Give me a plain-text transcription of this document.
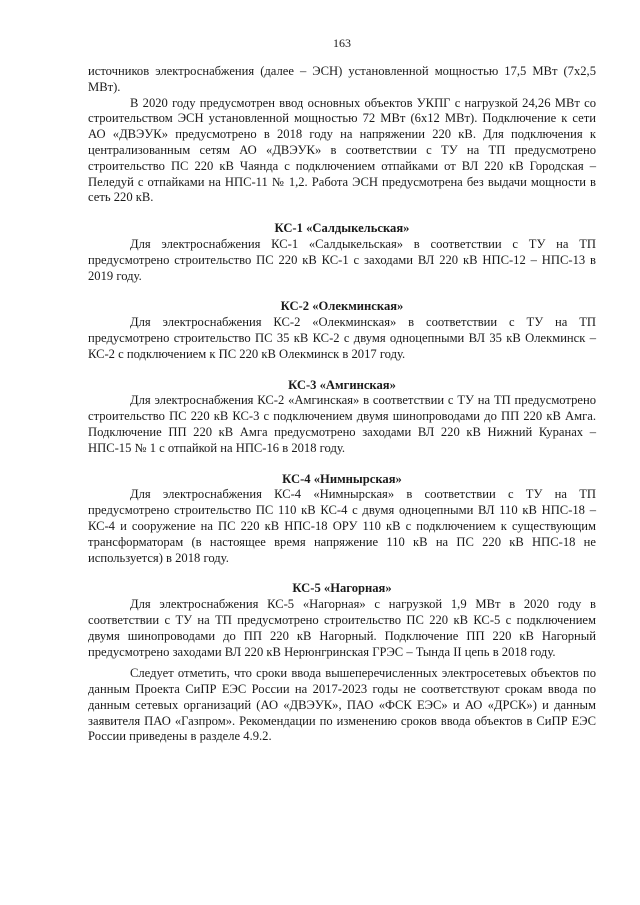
163

источников электроснабжения (далее – ЭСН) установленной мощностью 17,5 МВт (7х2,5 МВт).

В 2020 году предусмотрен ввод основных объектов УКПГ с нагрузкой 24,26 МВт со строительством ЭСН установленной мощностью 72 МВт (6х12 МВт). Подключение к сети АО «ДВЭУК» предусмотрено в 2018 году на напряжении 220 кВ. Для подключения к централизованным сетям АО «ДВЭУК» в соответствии с ТУ на ТП предусмотрено строительство ПС 220 кВ Чаянда с подключением отпайками от ВЛ 220 кВ Городская – Пеледуй с отпайками на НПС-11 № 1,2. Работа ЭСН предусмотрена без выдачи мощности в сеть 220 кВ.

КС-1 «Салдыкельская»

Для электроснабжения КС-1 «Салдыкельская» в соответствии с ТУ на ТП предусмотрено строительство ПС 220 кВ КС-1 с заходами ВЛ 220 кВ НПС-12 – НПС-13 в 2019 году.

КС-2 «Олекминская»

Для электроснабжения КС-2 «Олекминская» в соответствии с ТУ на ТП предусмотрено строительство ПС 35 кВ КС-2 с двумя одноцепными ВЛ 35 кВ Олекминск – КС-2 с подключением к ПС 220 кВ Олекминск в 2017 году.

КС-3 «Амгинская»

Для электроснабжения КС-2 «Амгинская» в соответствии с ТУ на ТП предусмотрено строительство ПС 220 кВ КС-3 с подключением двумя шинопроводами до ПП 220 кВ Амга. Подключение ПП 220 кВ Амга предусмотрено заходами ВЛ 220 кВ Нижний Куранах – НПС-15 № 1 с отпайкой на НПС-16 в 2018 году.

КС-4 «Нимнырская»

Для электроснабжения КС-4 «Нимнырская» в соответствии с ТУ на ТП предусмотрено строительство ПС 110 кВ КС-4 с двумя одноцепными ВЛ 110 кВ НПС-18 – КС-4 и сооружение на ПС 220 кВ НПС-18 ОРУ 110 кВ с подключением к существующим трансформаторам (в настоящее время напряжение 110 кВ на ПС 220 кВ НПС-18 не используется) в 2018 году.

КС-5 «Нагорная»

Для электроснабжения КС-5 «Нагорная» с нагрузкой 1,9 МВт в 2020 году в соответствии с ТУ на ТП предусмотрено строительство ПС 220 кВ КС-5 с подключением двумя шинопроводами до ПП 220 кВ Нагорный. Подключение ПП 220 кВ Нагорный предусмотрено заходами ВЛ 220 кВ Нерюнгринская ГРЭС – Тында II цепь в 2018 году.

Следует отметить, что сроки ввода вышеперечисленных электросетевых объектов по данным Проекта СиПР ЕЭС России на 2017-2023 годы не соответствуют срокам ввода по данным сетевых организаций (АО «ДВЭУК», ПАО «ФСК ЕЭС» и АО «ДРСК») и данным заявителя ПАО «Газпром». Рекомендации по изменению сроков ввода объектов в СиПР ЕЭС России приведены в разделе 4.9.2.
